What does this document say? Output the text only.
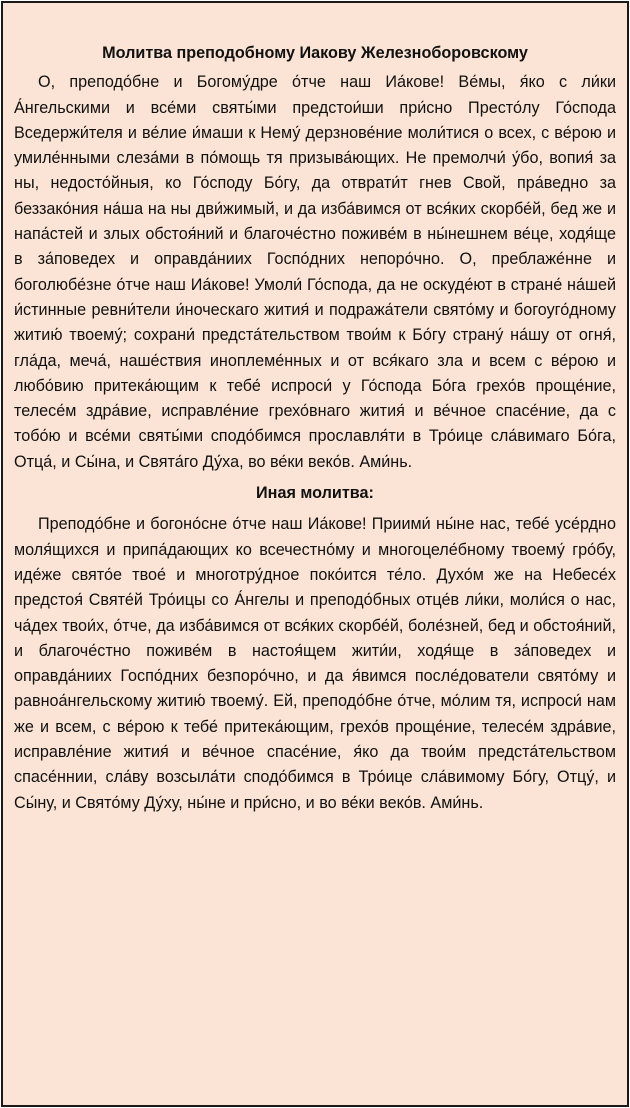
Молитва преподобному Иакову Железноборовскому

О, преподо́бне и Богому́дре о́тче наш Иа́кове! Ве́мы, я́ко с ли́ки А́нгельскими и все́ми святы́ми предстои́ши при́сно Престо́лу Го́спода Вседержи́теля и ве́лие и́маши к Нему́ дерзнове́ние моли́тися о всех, с ве́рою и умиле́нными слеза́ми в по́мощь тя призыва́ющих. Не премолчи́ у́бо, вопия́ за ны, недосто́йныя, ко Го́споду Бо́гу, да отврати́т гнев Свой, пра́ведно за беззако́ния на́ша на ны дви́жимый, и да изба́вимся от вся́ких скорбе́й, бед же и напа́стей и злых обстоя́ний и благоче́стно поживе́м в ны́нешнем ве́це, ходя́ще в за́поведех и оправда́ниих Госпо́дних непоро́чно. О, преблаже́нне и боголюбе́зне о́тче наш Иа́кове! Умоли́ Го́спода, да не оскуде́ют в стране́ на́шей и́стинные ревни́тели и́ноческаго жития́ и подража́тели свято́му и богоуго́дному житию́ твоему́; сохрани́ предста́тельством твои́м к Бо́гу страну́ на́шу от огня́, гла́да, меча́, наше́ствия иноплеме́нных и от вся́каго зла и всем с ве́рою и любо́вию притека́ющим к тебе́ испроси́ у Го́спода Бо́га грехо́в проще́ние, телесе́м здра́вие, исправле́ние грехо́внаго жития́ и ве́чное спасе́ние, да с тобо́ю и все́ми святы́ми сподо́бимся прославля́ти в Тро́ице сла́вимаго Бо́га, Отца́, и Сы́на, и Свята́го Ду́ха, во ве́ки веко́в. Ами́нь.

Иная молитва:

Преподо́бне и богоно́сне о́тче наш Иа́кове! Приими́ ны́не нас, тебе́ усе́рдно моля́щихся и припа́дающих ко всечестно́му и многоцеле́бному твоему́ гро́бу, иде́же свято́е твое́ и многотру́дное поко́ится те́ло. Духо́м же на Небесе́х предстоя́ Святе́й Тро́ицы со А́нгелы и преподо́бных отце́в ли́ки, моли́ся о нас, ча́дех твои́х, о́тче, да изба́вимся от вся́ких скорбе́й, боле́зней, бед и обстоя́ний, и благоче́стно поживе́м в настоя́щем жити́и, ходя́ще в за́поведех и оправда́ниих Госпо́дних безпоро́чно, и да я́вимся после́дователи свято́му и равноа́нгельскому житию́ твоему́. Ей, преподо́бне о́тче, мо́лим тя, испроси́ нам же и всем, с ве́рою к тебе́ притека́ющим, грехо́в проще́ние, телесе́м здра́вие, исправле́ние жития́ и ве́чное спасе́ние, я́ко да твои́м предста́тельством спасе́ннии, сла́ву возсыла́ти сподо́бимся в Тро́ице сла́вимому Бо́гу, Отцу́, и Сы́ну, и Свято́му Ду́ху, ны́не и при́сно, и во ве́ки веко́в. Ами́нь.
